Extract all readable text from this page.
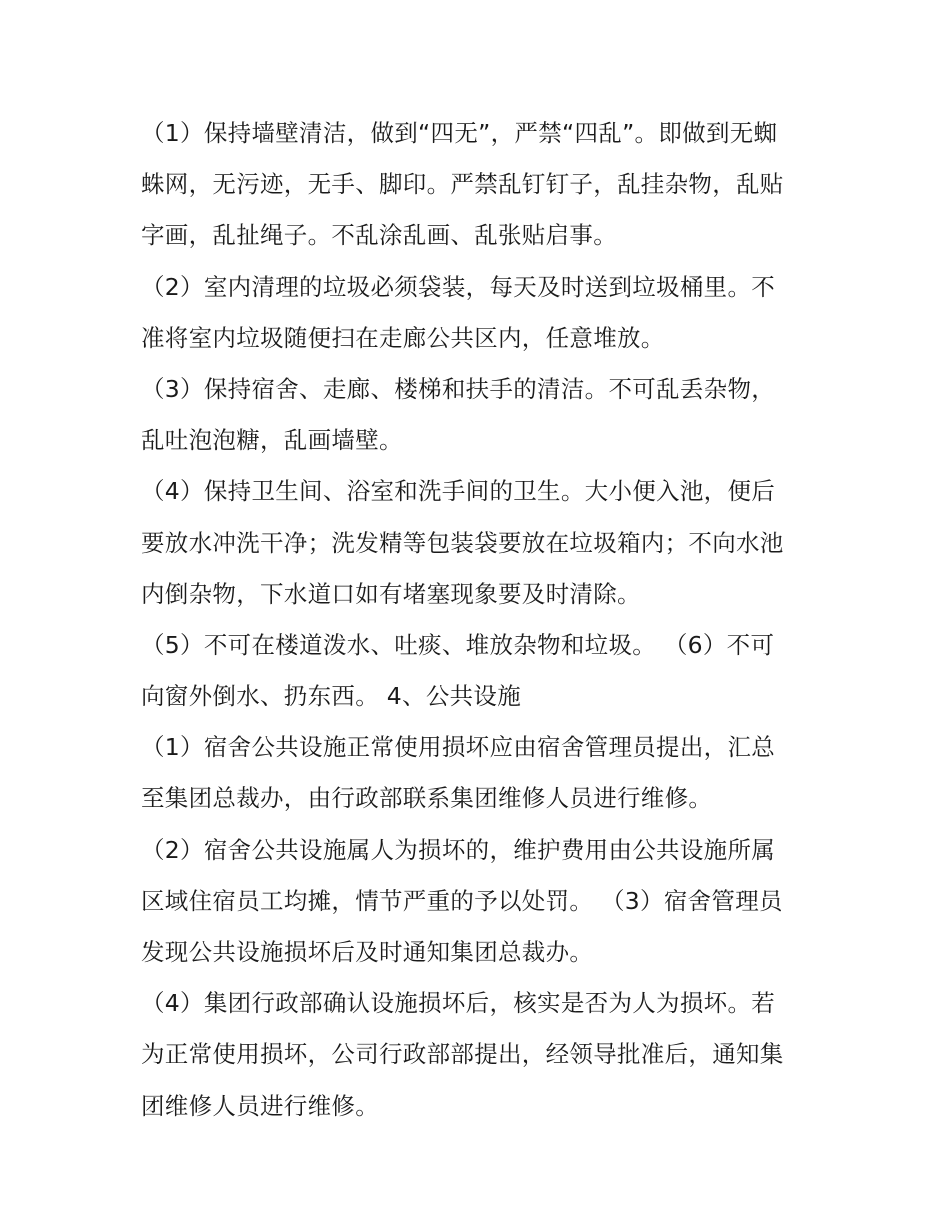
（1）保持墙壁清洁，做到“四无”，严禁“四乱”。即做到无蜘
蛛网，无污迹，无手、脚印。严禁乱钉钉子，乱挂杂物，乱贴
字画，乱扯绳子。不乱涂乱画、乱张贴启事。
（2）室内清理的垃圾必须袋装，每天及时送到垃圾桶里。不
准将室内垃圾随便扫在走廊公共区内，任意堆放。
（3）保持宿舍、走廊、楼梯和扶手的清洁。不可乱丢杂物，
乱吐泡泡糖，乱画墙壁。
（4）保持卫生间、浴室和洗手间的卫生。大小便入池，便后
要放水冲洗干净；洗发精等包装袋要放在垃圾箱内；不向水池
内倒杂物，下水道口如有堵塞现象要及时清除。
（5）不可在楼道泼水、吐痰、堆放杂物和垃圾。 （6）不可
向窗外倒水、扔东西。 4、公共设施
（1）宿舍公共设施正常使用损坏应由宿舍管理员提出，汇总
至集团总裁办，由行政部联系集团维修人员进行维修。
（2）宿舍公共设施属人为损坏的，维护费用由公共设施所属
区域住宿员工均摊，情节严重的予以处罚。 （3）宿舍管理员
发现公共设施损坏后及时通知集团总裁办。
（4）集团行政部确认设施损坏后，核实是否为人为损坏。若
为正常使用损坏，公司行政部部提出，经领导批准后，通知集
团维修人员进行维修。
